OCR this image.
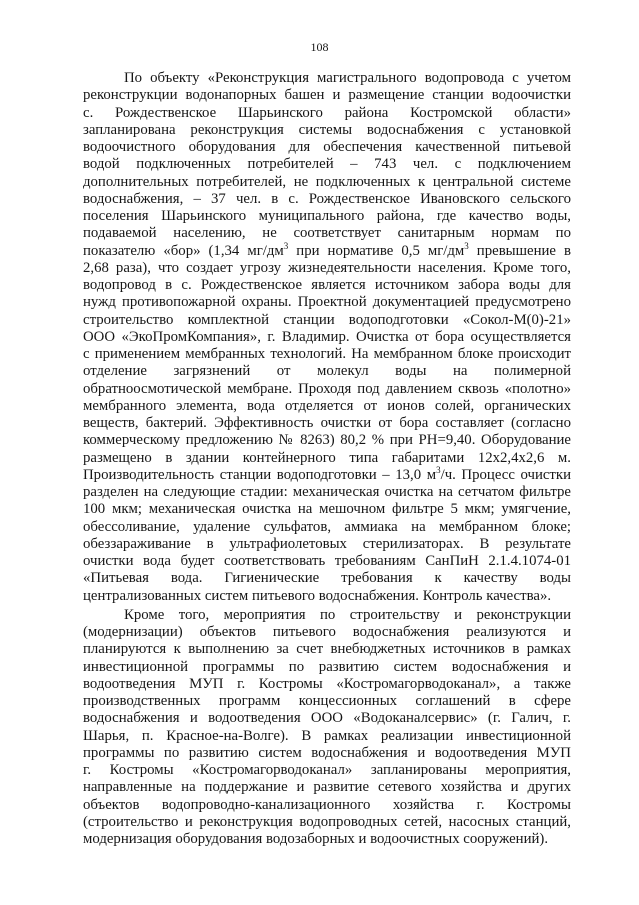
108
По объекту «Реконструкция магистрального водопровода с учетом
реконструкции водонапорных башен и размещение станции водоочистки
с. Рождественское Шарьинского района Костромской области»
запланирована реконструкция системы водоснабжения с установкой
водоочистного оборудования для обеспечения качественной питьевой
водой подключенных потребителей – 743 чел. с подключением
дополнительных потребителей, не подключенных к центральной системе
водоснабжения, – 37 чел. в с. Рождественское Ивановского сельского
поселения Шарьинского муниципального района, где качество воды,
подаваемой населению, не соответствует санитарным нормам по
показателю «бор» (1,34 $мг/дм^3$ при нормативе 0,5 $мг/дм^3$ превышение в
2,68 раза), что создает угрозу жизнедеятельности населения. Кроме того,
водопровод в с. Рождественское является источником забора воды для
нужд противопожарной охраны. Проектной документацией предусмотрено
строительство комплектной станции водоподготовки «Сокол-М(0)-21»
ООО «ЭкоПромКомпания», г. Владимир. Очистка от бора осуществляется
с применением мембранных технологий. На мембранном блоке происходит
отделение загрязнений от молекул воды на полимерной
обратноосмотической мембране. Проходя под давлением сквозь «полотно»
мембранного элемента, вода отделяется от ионов солей, органических
веществ, бактерий. Эффективность очистки от бора составляет (согласно
коммерческому предложению № 8263) 80,2 % при PH=9,40. Оборудование
размещено в здании контейнерного типа габаритами 12х2,4х2,6 м.
Производительность станции водоподготовки – 13,0 $м^3/ч$. Процесс очистки
разделен на следующие стадии: механическая очистка на сетчатом фильтре
100 мкм; механическая очистка на мешочном фильтре 5 мкм; умягчение,
обессоливание, удаление сульфатов, аммиака на мембранном блоке;
обеззараживание в ультрафиолетовых стерилизаторах. В результате
очистки вода будет соответствовать требованиям СанПиН 2.1.4.1074-01
«Питьевая вода. Гигиенические требования к качеству воды
централизованных систем питьевого водоснабжения. Контроль качества».
Кроме того, мероприятия по строительству и реконструкции
(модернизации) объектов питьевого водоснабжения реализуются и
планируются к выполнению за счет внебюджетных источников в рамках
инвестиционной программы по развитию систем водоснабжения и
водоотведения МУП г. Костромы «Костромагорводоканал», а также
производственных программ концессионных соглашений в сфере
водоснабжения и водоотведения ООО «Водоканалсервис» (г. Галич, г.
Шарья, п. Красное-на-Волге). В рамках реализации инвестиционной
программы по развитию систем водоснабжения и водоотведения МУП
г. Костромы «Костромагорводоканал» запланированы мероприятия,
направленные на поддержание и развитие сетевого хозяйства и других
объектов водопроводно-канализационного хозяйства г. Костромы
(строительство и реконструкция водопроводных сетей, насосных станций,
модернизация оборудования водозаборных и водоочистных сооружений).
